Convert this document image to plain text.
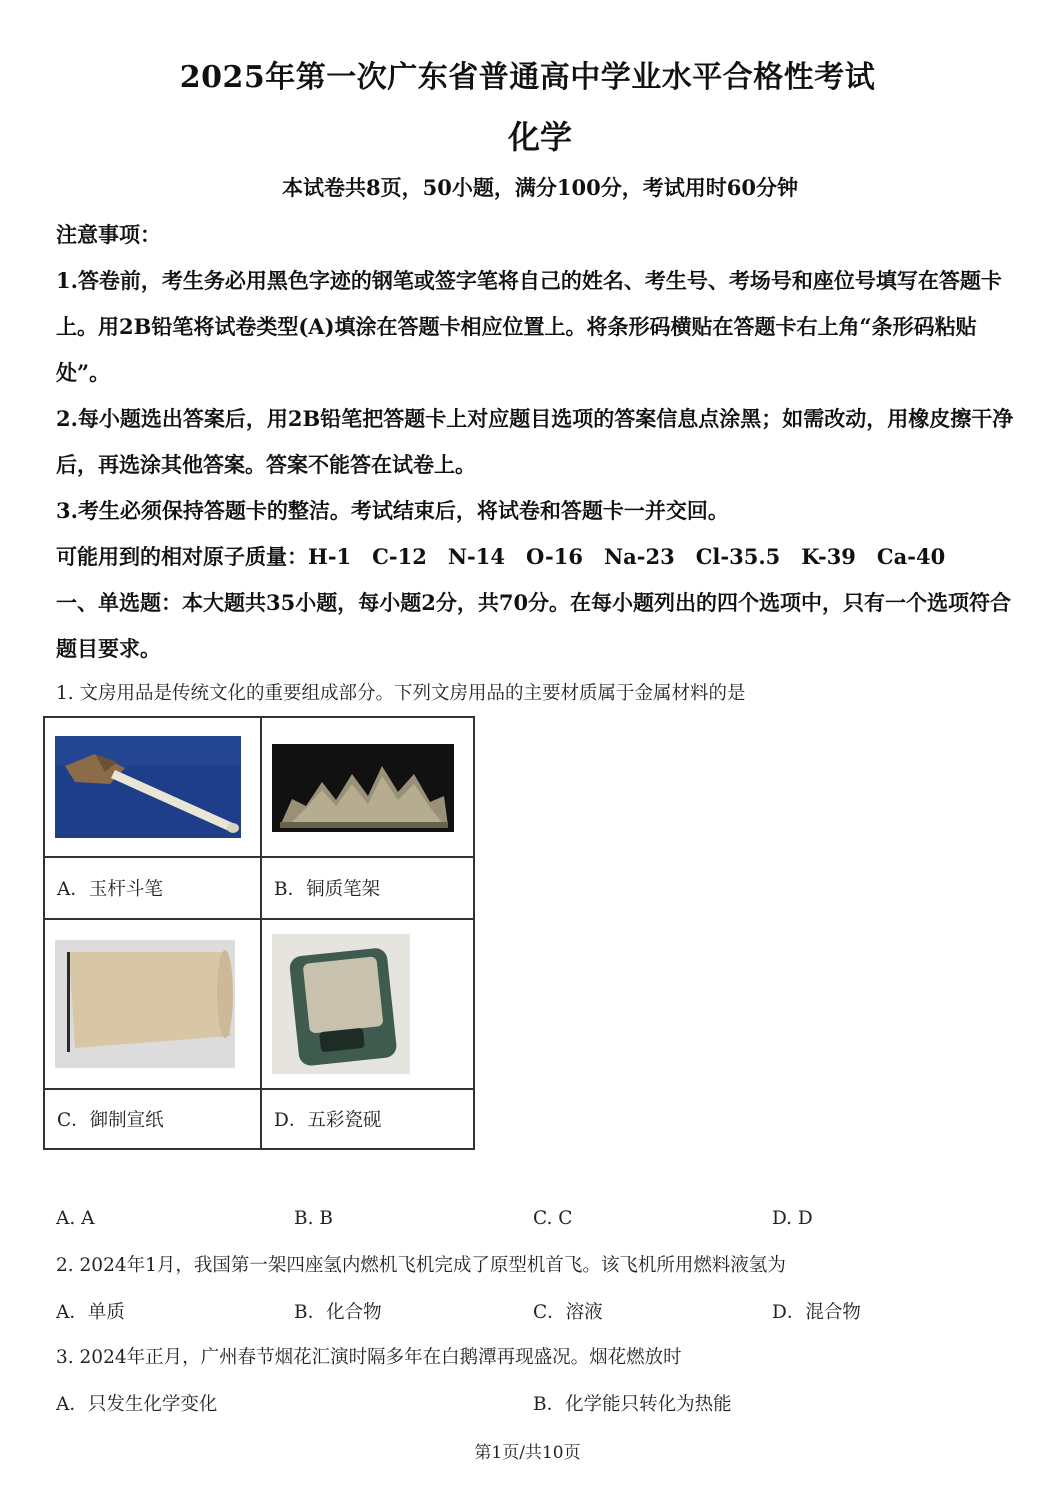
2025年第一次广东省普通高中学业水平合格性考试
化学
本试卷共8页，50小题，满分100分，考试用时60分钟
注意事项：
1.答卷前，考生务必用黑色字迹的钢笔或签字笔将自己的姓名、考生号、考场号和座位号填写在答题卡上。用2B铅笔将试卷类型(A)填涂在答题卡相应位置上。将条形码横贴在答题卡右上角“条形码粘贴处”。
2.每小题选出答案后，用2B铅笔把答题卡上对应题目选项的答案信息点涂黑；如需改动，用橡皮擦干净后，再选涂其他答案。答案不能答在试卷上。
3.考生必须保持答题卡的整洁。考试结束后，将试卷和答题卡一并交回。
可能用到的相对原子质量：H-1　C-12　N-14　O-16　Na-23　Cl-35.5　K-39　Ca-40
一、单选题：本大题共35小题，每小题2分，共70分。在每小题列出的四个选项中，只有一个选项符合题目要求。
1. 文房用品是传统文化的重要组成部分。下列文房用品的主要材质属于金属材料的是

A．玉杆斗笔	B．铜质笔架

C．御制宣纸	D．五彩瓷砚
A. A	B. B	C. C	D. D
2. 2024年1月，我国第一架四座氢内燃机飞机完成了原型机首飞。该飞机所用燃料液氢为
A．单质	B．化合物	C．溶液	D．混合物
3. 2024年正月，广州春节烟花汇演时隔多年在白鹅潭再现盛况。烟花燃放时
A．只发生化学变化	B．化学能只转化为热能
第1页/共10页
